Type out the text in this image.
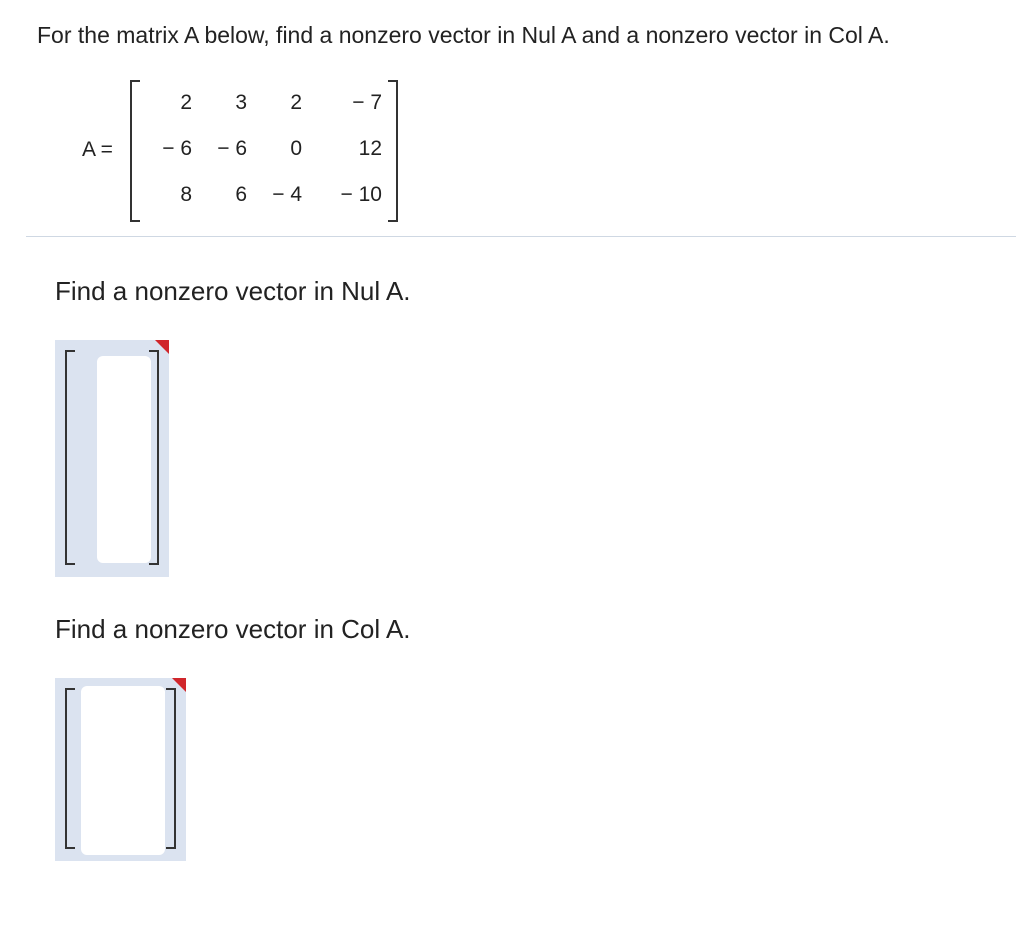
For the matrix A below, find a nonzero vector in Nul A and a nonzero vector in Col A.
A =
2	3	2	− 7
− 6	− 6	0	12
8	6	− 4	− 10
Find a nonzero vector in Nul A.
Find a nonzero vector in Col A.
